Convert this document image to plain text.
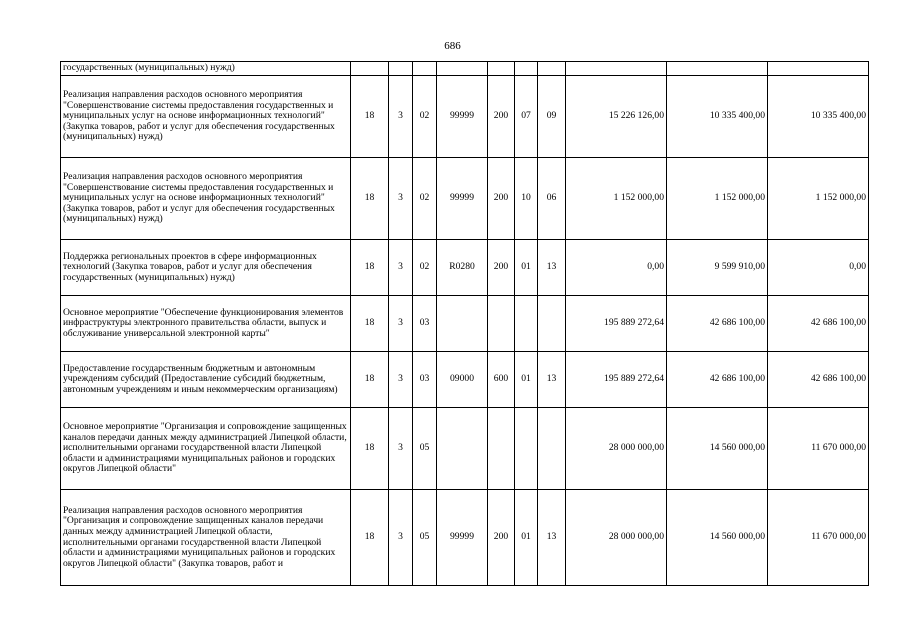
686
государственных (муниципальных) нужд)										
Реализация направления расходов основного мероприятия "Совершенствование системы предоставления государственных и муниципальных услуг на основе информационных технологий" (Закупка товаров, работ и услуг для обеспечения государственных (муниципальных) нужд)	18	3	02	99999	200	07	09	15 226 126,00	10 335 400,00	10 335 400,00
Реализация направления расходов основного мероприятия "Совершенствование системы предоставления государственных и муниципальных услуг на основе информационных технологий" (Закупка товаров, работ и услуг для обеспечения государственных (муниципальных) нужд)	18	3	02	99999	200	10	06	1 152 000,00	1 152 000,00	1 152 000,00
Поддержка региональных проектов в сфере информационных технологий (Закупка товаров, работ и услуг для обеспечения государственных (муниципальных) нужд)	18	3	02	R0280	200	01	13	0,00	9 599 910,00	0,00
Основное мероприятие "Обеспечение функционирования элементов инфраструктуры электронного правительства области, выпуск и обслуживание универсальной электронной карты"	18	3	03					195 889 272,64	42 686 100,00	42 686 100,00
Предоставление государственным бюджетным и автономным учреждениям субсидий (Предоставление субсидий бюджетным, автономным учреждениям и иным некоммерческим организациям)	18	3	03	09000	600	01	13	195 889 272,64	42 686 100,00	42 686 100,00
Основное мероприятие "Организация и сопровождение защищенных каналов передачи данных между администрацией Липецкой области, исполнительными органами государственной власти Липецкой области и администрациями муниципальных районов и городских округов Липецкой области"	18	3	05					28 000 000,00	14 560 000,00	11 670 000,00
Реализация направления расходов основного мероприятия "Организация и сопровождение защищенных каналов передачи данных между администрацией Липецкой области, исполнительными органами государственной власти Липецкой области и администрациями муниципальных районов и городских округов Липецкой области" (Закупка товаров, работ и	18	3	05	99999	200	01	13	28 000 000,00	14 560 000,00	11 670 000,00
